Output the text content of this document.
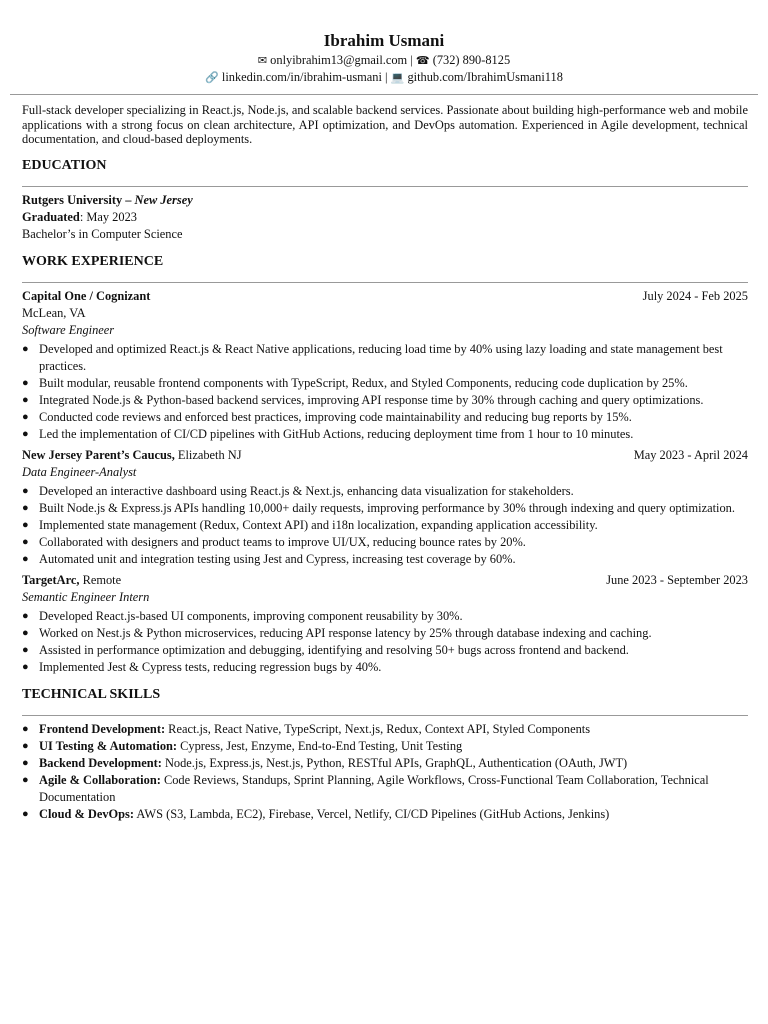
Ibrahim Usmani
✉ onlyibrahim13@gmail.com | ☎ (732) 890-8125
🔗 linkedin.com/in/ibrahim-usmani | 💻 github.com/IbrahimUsmani118
Full-stack developer specializing in React.js, Node.js, and scalable backend services. Passionate about building high-performance web and mobile applications with a strong focus on clean architecture, API optimization, and DevOps automation. Experienced in Agile development, technical documentation, and cloud-based deployments.
EDUCATION
Rutgers University – New Jersey
Graduated: May 2023
Bachelor’s in Computer Science
WORK EXPERIENCE
Capital One / Cognizant	July 2024 - Feb 2025
McLean, VA
Software Engineer
● Developed and optimized React.js & React Native applications, reducing load time by 40% using lazy loading and state management best practices.
● Built modular, reusable frontend components with TypeScript, Redux, and Styled Components, reducing code duplication by 25%.
● Integrated Node.js & Python-based backend services, improving API response time by 30% through caching and query optimizations.
● Conducted code reviews and enforced best practices, improving code maintainability and reducing bug reports by 15%.
● Led the implementation of CI/CD pipelines with GitHub Actions, reducing deployment time from 1 hour to 10 minutes.
New Jersey Parent’s Caucus, Elizabeth NJ	May 2023 - April 2024
Data Engineer-Analyst
● Developed an interactive dashboard using React.js & Next.js, enhancing data visualization for stakeholders.
● Built Node.js & Express.js APIs handling 10,000+ daily requests, improving performance by 30% through indexing and query optimization.
● Implemented state management (Redux, Context API) and i18n localization, expanding application accessibility.
● Collaborated with designers and product teams to improve UI/UX, reducing bounce rates by 20%.
● Automated unit and integration testing using Jest and Cypress, increasing test coverage by 60%.
TargetArc, Remote	June 2023 - September 2023
Semantic Engineer Intern
● Developed React.js-based UI components, improving component reusability by 30%.
● Worked on Nest.js & Python microservices, reducing API response latency by 25% through database indexing and caching.
● Assisted in performance optimization and debugging, identifying and resolving 50+ bugs across frontend and backend.
● Implemented Jest & Cypress tests, reducing regression bugs by 40%.
TECHNICAL SKILLS
● Frontend Development: React.js, React Native, TypeScript, Next.js, Redux, Context API, Styled Components
● UI Testing & Automation: Cypress, Jest, Enzyme, End-to-End Testing, Unit Testing
● Backend Development: Node.js, Express.js, Nest.js, Python, RESTful APIs, GraphQL, Authentication (OAuth, JWT)
● Agile & Collaboration: Code Reviews, Standups, Sprint Planning, Agile Workflows, Cross-Functional Team Collaboration, Technical Documentation
● Cloud & DevOps: AWS (S3, Lambda, EC2), Firebase, Vercel, Netlify, CI/CD Pipelines (GitHub Actions, Jenkins)
